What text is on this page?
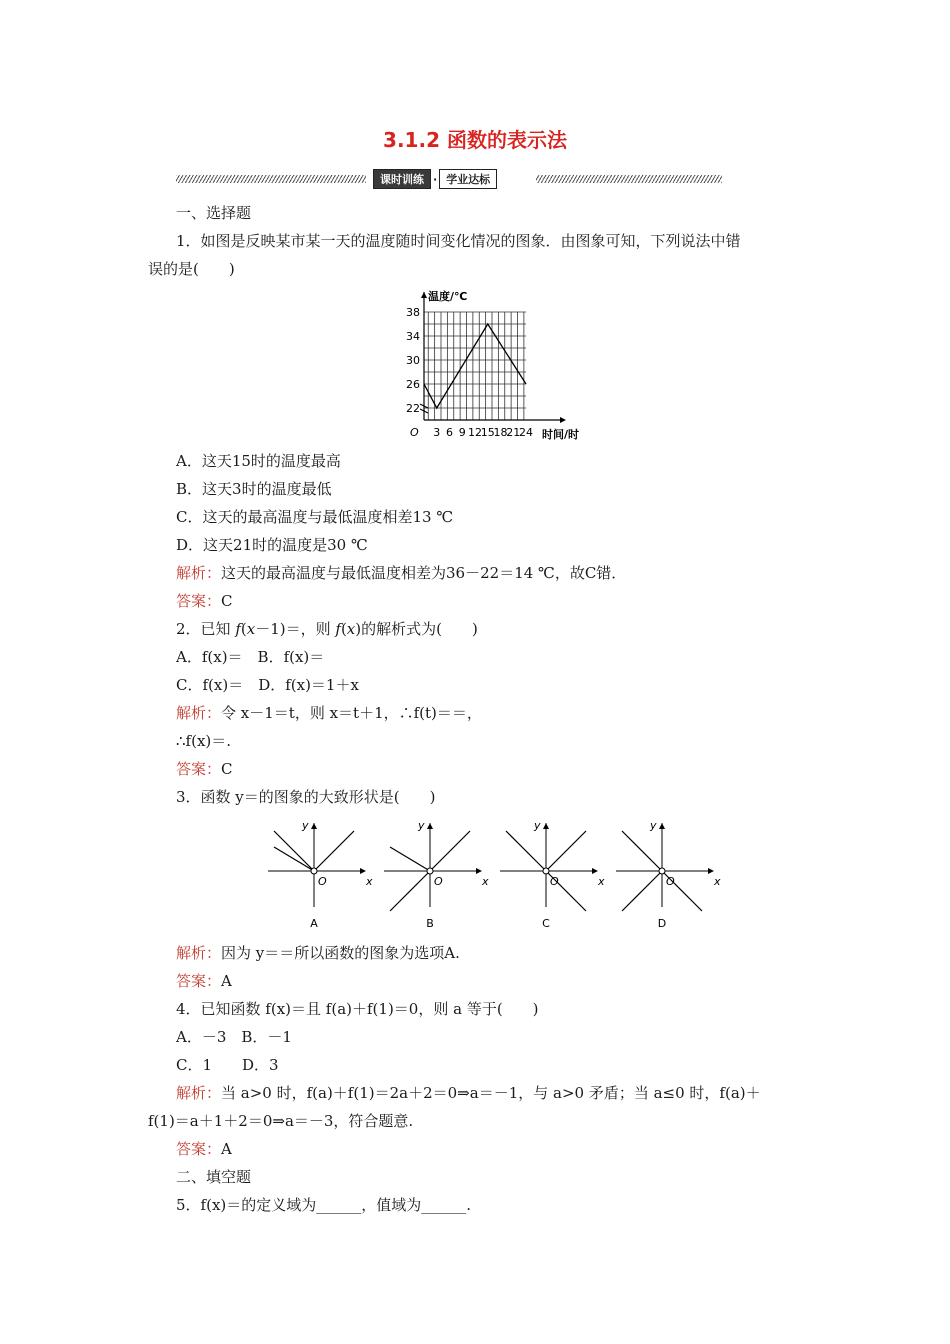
3.1.2 函数的表示法
课时训练 · 学业达标
一、选择题
1．如图是反映某市某一天的温度随时间变化情况的图象．由图象可知，下列说法中错
误的是(　　)
温度/℃
时间/时
O
22
26
30
34
38
3 6 9 12
15
18
21
24
A．这天15时的温度最高
B．这天3时的温度最低
C．这天的最高温度与最低温度相差13 ℃
D．这天21时的温度是30 ℃
解析：这天的最高温度与最低温度相差为36－22＝14 ℃，故C错．
答案：C
2．已知 f(x－1)＝，则 f(x)的解析式为(　　)
A．f(x)＝　B．f(x)＝
C．f(x)＝　D．f(x)＝1＋x
解析：令 x－1＝t，则 x＝t＋1，∴f(t)＝＝，
∴f(x)＝.
答案：C
3．函数 y＝的图象的大致形状是(　　)
y
x
O
A
y
x
O
B
y
x
O
C
y
x
O
D
解析：因为 y＝＝所以函数的图象为选项A.
答案：A
4．已知函数 f(x)＝且 f(a)＋f(1)＝0，则 a 等于(　　)
A．－3　B．－1
C．1　　D．3
解析：当 a>0 时，f(a)＋f(1)＝2a＋2＝0⇒a＝－1，与 a>0 矛盾；当 a≤0 时，f(a)＋
f(1)＝a＋1＋2＝0⇒a＝－3，符合题意.
答案：A
二、填空题
5．f(x)＝的定义域为______，值域为______.
